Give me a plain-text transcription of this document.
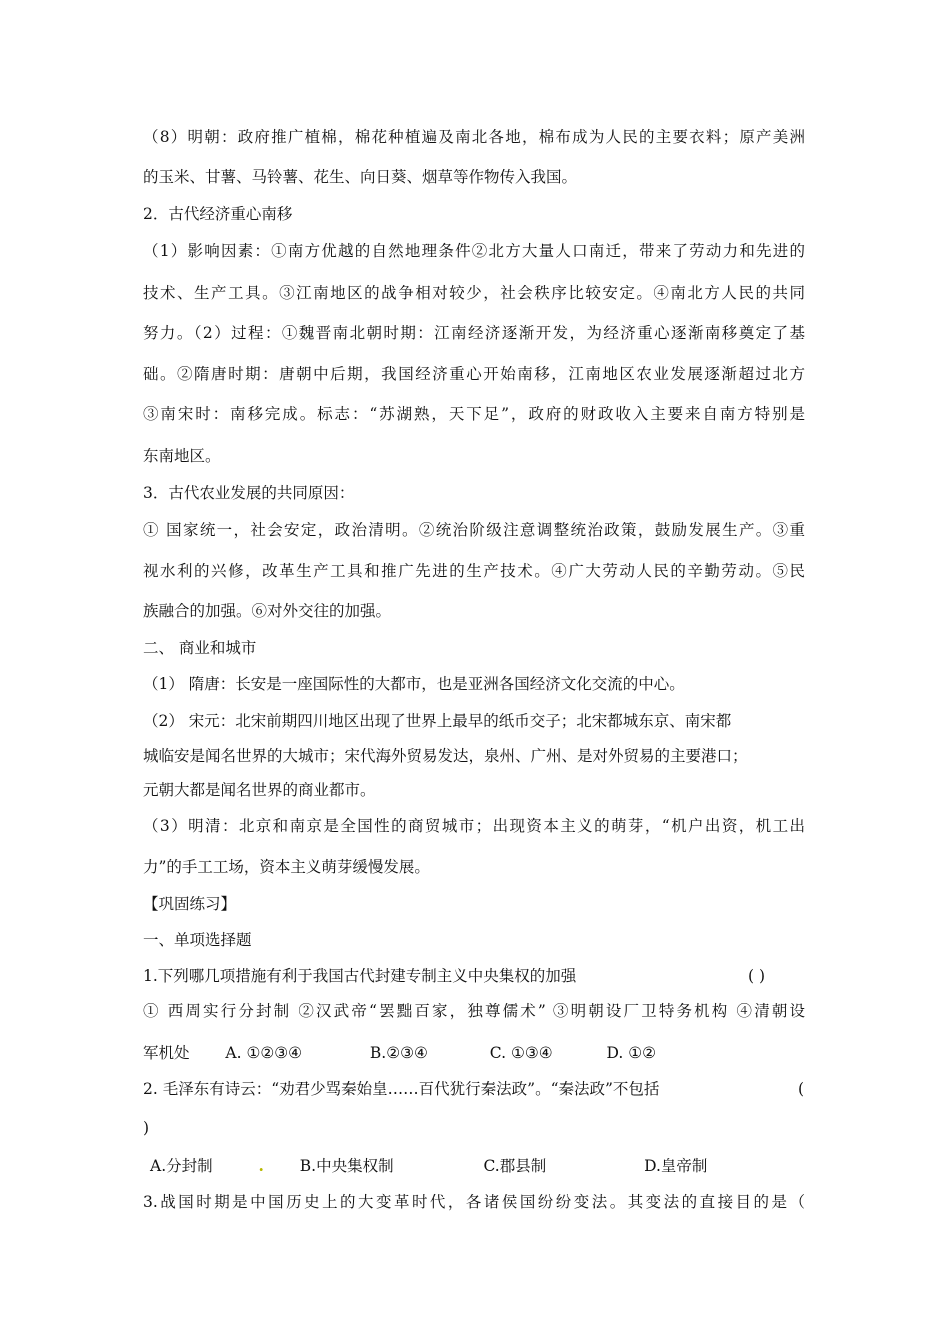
（8）明朝：政府推广植棉，棉花种植遍及南北各地，棉布成为人民的主要衣料；原产美洲
的玉米、甘薯、马铃薯、花生、向日葵、烟草等作物传入我国。
2．古代经济重心南移
（1）影响因素：①南方优越的自然地理条件②北方大量人口南迁，带来了劳动力和先进的
技术、生产工具。③江南地区的战争相对较少，社会秩序比较安定。④南北方人民的共同
努力。（2）过程：①魏晋南北朝时期：江南经济逐渐开发，为经济重心逐渐南移奠定了基
础。②隋唐时期：唐朝中后期，我国经济重心开始南移，江南地区农业发展逐渐超过北方
③南宋时：南移完成。标志：“苏湖熟，天下足”，政府的财政收入主要来自南方特别是
东南地区。
3．古代农业发展的共同原因：
① 国家统一，社会安定，政治清明。②统治阶级注意调整统治政策，鼓励发展生产。③重
视水利的兴修，改革生产工具和推广先进的生产技术。④广大劳动人民的辛勤劳动。⑤民
族融合的加强。⑥对外交往的加强。
二、 商业和城市
（1） 隋唐：长安是一座国际性的大都市，也是亚洲各国经济文化交流的中心。
（2） 宋元：北宋前期四川地区出现了世界上最早的纸币交子；北宋都城东京、南宋都
城临安是闻名世界的大城市；宋代海外贸易发达，泉州、广州、是对外贸易的主要港口；
元朝大都是闻名世界的商业都市。
（3）明清：北京和南京是全国性的商贸城市；出现资本主义的萌芽，“机户出资，机工出
力”的手工工场，资本主义萌芽缓慢发展。
【巩固练习】
一、单项选择题
1.下列哪几项措施有利于我国古代封建专制主义中央集权的加强	( )
① 西周实行分封制 ②汉武帝“罢黜百家，独尊儒术” ③明朝设厂卫特务机构 ④清朝设
军机处 A. ①②③④	B.②③④	C. ①③④	D. ①②
2. 毛泽东有诗云：“劝君少骂秦始皇……百代犹行秦法政”。“秦法政”不包括	(
)
A.分封制	. B.中央集权制	C.郡县制	D.皇帝制
3.战国时期是中国历史上的大变革时代，各诸侯国纷纷变法。其变法的直接目的是（
